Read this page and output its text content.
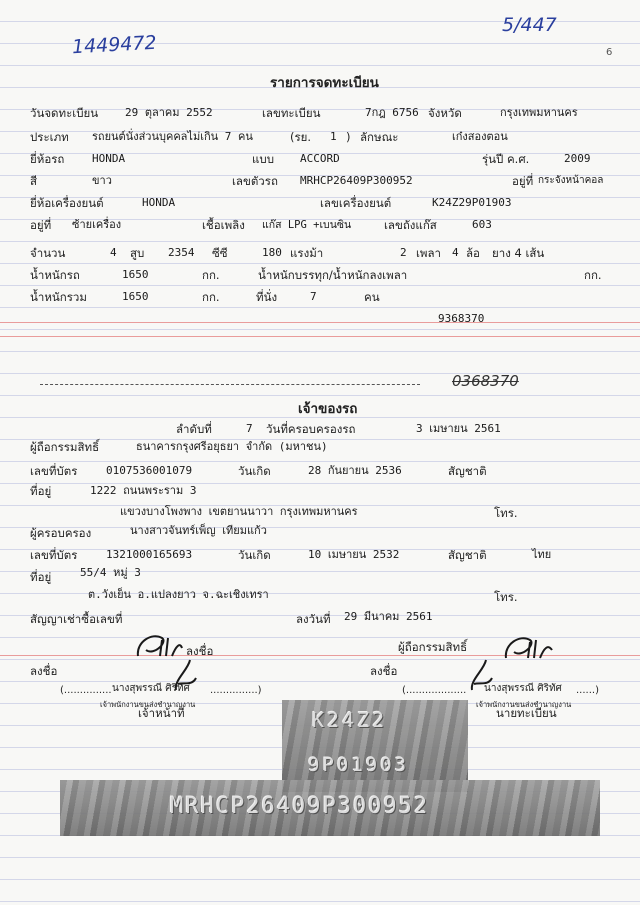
1449472
5/447
6
รายการจดทะเบียน
วันจดทะเบียน 29 ตุลาคม 2552	เลขทะเบียน	7กฎ 6756 จังหวัด	กรุงเทพมหานคร
ประเภท รถยนต์นั่งส่วนบุคคลไม่เกิน 7 คน	(รย. 1 ) ลักษณะ	เก๋งสองตอน
ยี่ห้อรถ	HONDA	แบบ ACCORD	รุ่นปี ค.ศ.	2009
สี	ขาว	เลขตัวรถ MRHCP26409P300952	อยู่ที่ กระจังหน้าคอล
ยี่ห้อเครื่องยนต์	HONDA	เลขเครื่องยนต์	K24Z29P01903
อยู่ที่ ซ้ายเครื่อง	เชื้อเพลิง แก๊ส LPG +เบนซิน	เลขถังแก๊ส	603
จำนวน	4 สูบ 2354 ซีซี	180 แรงม้า	2 เพลา 4 ล้อ ยาง 4 เส้น
น้ำหนักรถ	1650	กก.	น้ำหนักบรรทุก/น้ำหนักลงเพลา	กก.
น้ำหนักรวม	1650	กก.	ที่นั่ง	7	คน
9368370
0368370
เจ้าของรถ
ลำดับที่	7 วันที่ครอบครองรถ	3 เมษายน 2561
ผู้ถือกรรมสิทธิ์	ธนาคารกรุงศรีอยุธยา จำกัด (มหาชน)
เลขที่บัตร	0107536001079	วันเกิด	28 กันยายน 2536	สัญชาติ
ที่อยู่	1222 ถนนพระราม 3
แขวงบางโพงพาง เขตยานนาวา กรุงเทพมหานคร	โทร.
ผู้ครอบครอง	นางสาวจันทร์เพ็ญ เทียมแก้ว
เลขที่บัตร	1321000165693	วันเกิด	10 เมษายน 2532	สัญชาติ	ไทย
ที่อยู่	55/4 หมู่ 3
ต.วังเย็น อ.แปลงยาว จ.ฉะเชิงเทรา	โทร.
สัญญาเช่าซื้อเลขที่	ลงวันที่ 29 มีนาคม 2561
ลงชื่อ	ผู้ถือกรรมสิทธิ์
ลงชื่อ	ลงชื่อ
(............... นางสุพรรณี ศิริทัศ ...............)
เจ้าพนักงานขนส่งชำนาญงาน
เจ้าหน้าที่
(................... นางสุพรรณี ศิริทัศ ......)
เจ้าพนักงานขนส่งชำนาญงาน
นายทะเบียน
K24Z2
9P01903
MRHCP26409P300952
